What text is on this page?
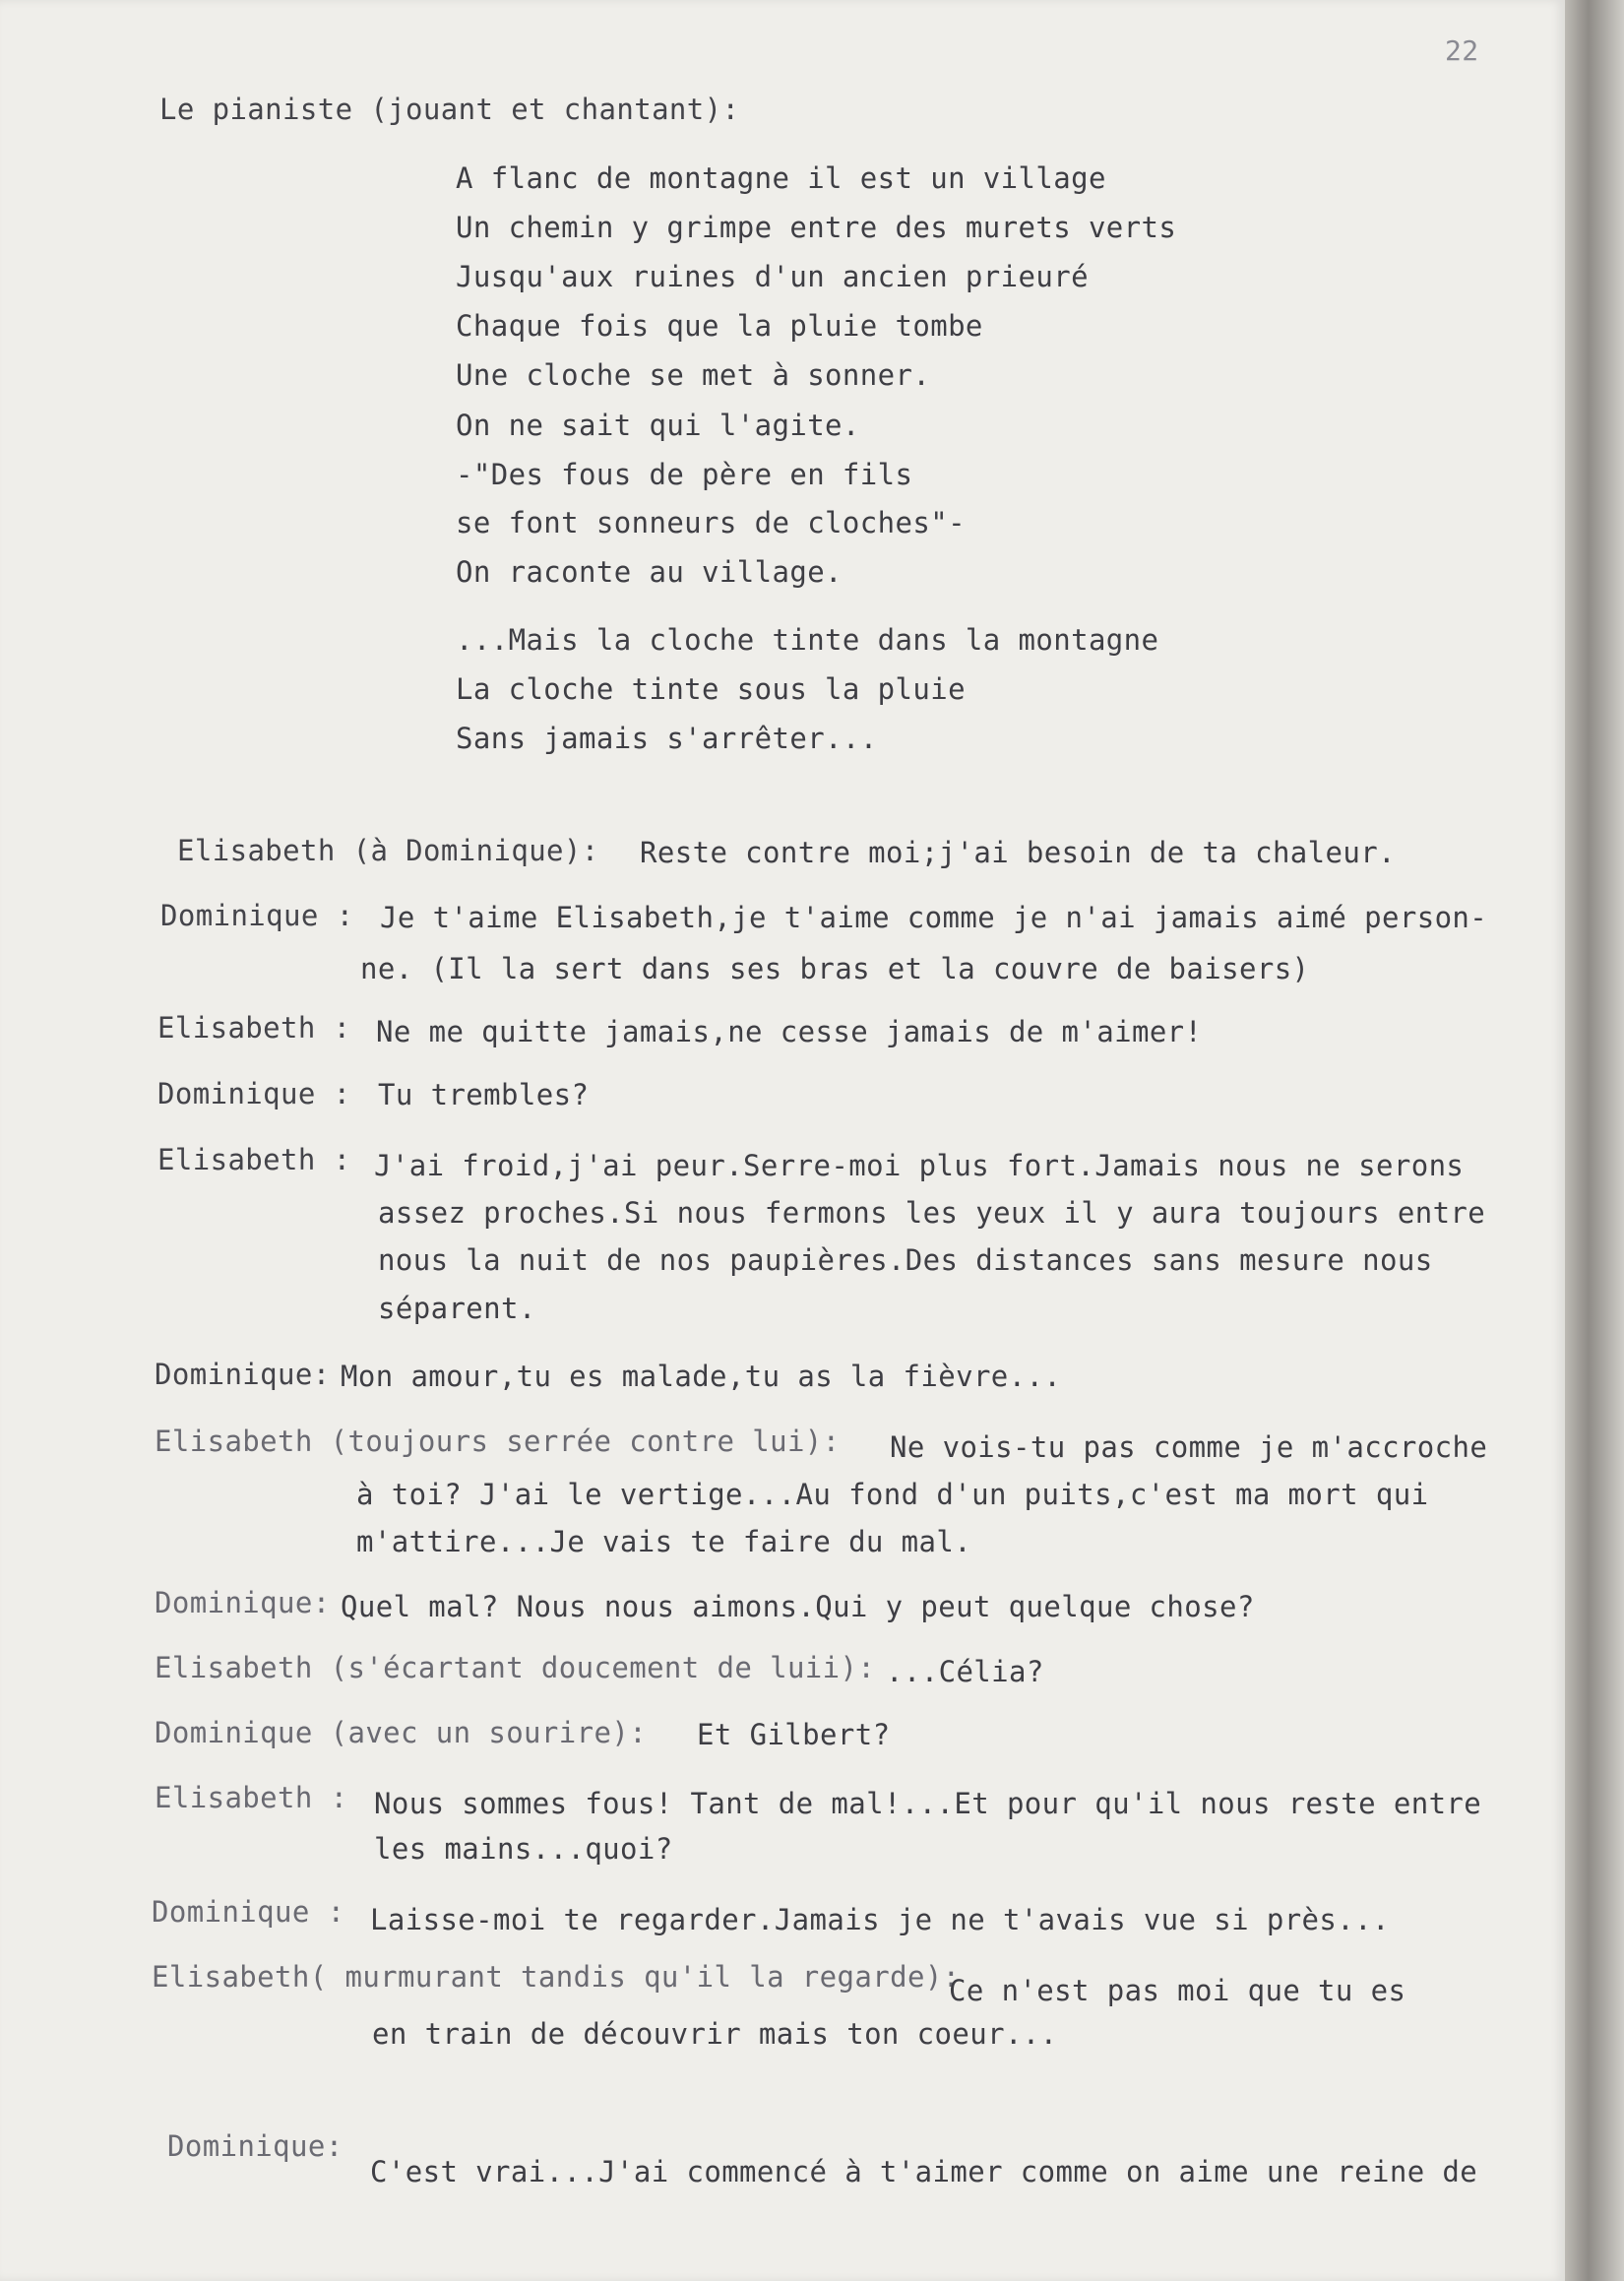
22
Le pianiste (jouant et chantant):
A flanc de montagne il est un village
Un chemin y grimpe entre des murets verts
Jusqu'aux ruines d'un ancien prieuré
Chaque fois que la pluie tombe
Une cloche se met à sonner.
On ne sait qui l'agite.
-"Des fous de père en fils
se font sonneurs de cloches"-
On raconte au village.
...Mais la cloche tinte dans la montagne
La cloche tinte sous la pluie
Sans jamais s'arrêter...
Elisabeth (à Dominique): Reste contre moi;j'ai besoin de ta chaleur.
Dominique : Je t'aime Elisabeth,je t'aime comme je n'ai jamais aimé person-
ne. (Il la sert dans ses bras et la couvre de baisers)
Elisabeth : Ne me quitte jamais,ne cesse jamais de m'aimer!
Dominique : Tu trembles?
Elisabeth : J'ai froid,j'ai peur.Serre-moi plus fort.Jamais nous ne serons
assez proches.Si nous fermons les yeux il y aura toujours entre
nous la nuit de nos paupières.Des distances sans mesure nous
séparent.
Dominique: Mon amour,tu es malade,tu as la fièvre...
Elisabeth (toujours serrée contre lui): Ne vois-tu pas comme je m'accroche
à toi? J'ai le vertige...Au fond d'un puits,c'est ma mort qui
m'attire...Je vais te faire du mal.
Dominique: Quel mal? Nous nous aimons.Qui y peut quelque chose?
Elisabeth (s'écartant doucement de luii): ...Célia?
Dominique (avec un sourire): Et Gilbert?
Elisabeth : Nous sommes fous! Tant de mal!...Et pour qu'il nous reste entre
les mains...quoi?
Dominique : Laisse-moi te regarder.Jamais je ne t'avais vue si près...
Elisabeth( murmurant tandis qu'il la regarde):
Ce n'est pas moi que tu es
en train de découvrir mais ton coeur...
Dominique:
C'est vrai...J'ai commencé à t'aimer comme on aime une reine de
